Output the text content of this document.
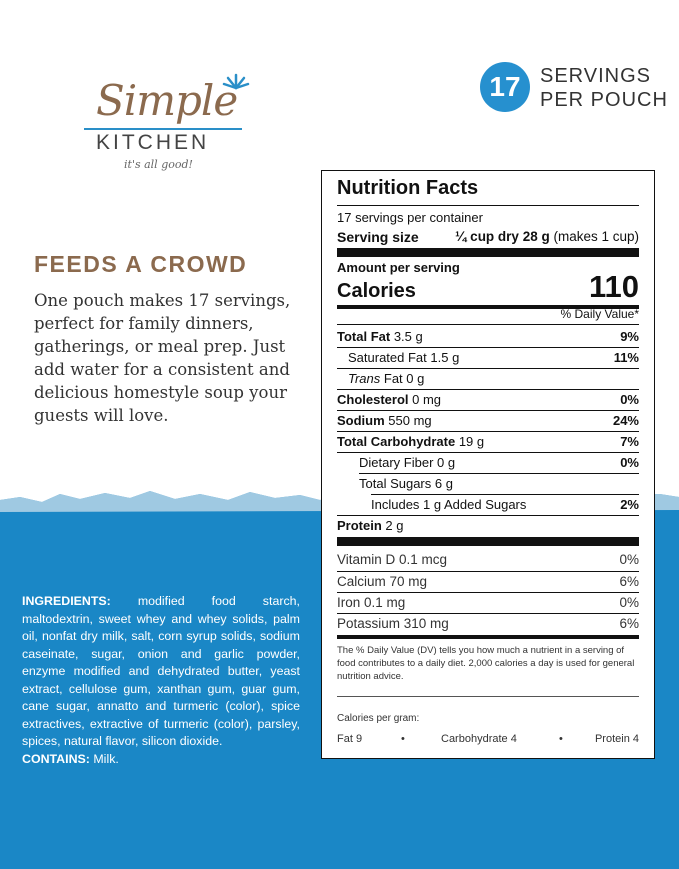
Simple
KITCHEN
it's all good!
17 SERVINGS
PER POUCH
FEEDS A CROWD
One pouch makes 17 servings, perfect for family dinners, gatherings, or meal prep. Just add water for a consistent and delicious homestyle soup your guests will love.
INGREDIENTS: modified food starch, maltodextrin, sweet whey and whey solids, palm oil, nonfat dry milk, salt, corn syrup solids, sodium caseinate, sugar, onion and garlic powder, enzyme modified and dehydrated butter, yeast extract, cellulose gum, xanthan gum, guar gum, cane sugar, annatto and turmeric (color), spice extractives, extractive of turmeric (color), parsley, spices, natural flavor, silicon dioxide.
CONTAINS: Milk.
Nutrition Facts
17 servings per container
Serving size	¼ cup dry 28 g (makes 1 cup)
Amount per serving
Calories	110
% Daily Value*
Total Fat 3.5 g	9%
Saturated Fat 1.5 g	11%
Trans Fat 0 g
Cholesterol 0 mg	0%
Sodium 550 mg	24%
Total Carbohydrate 19 g	7%
Dietary Fiber 0 g	0%
Total Sugars 6 g
Includes 1 g Added Sugars	2%
Protein 2 g
Vitamin D 0.1 mcg	0%
Calcium 70 mg	6%
Iron 0.1 mg	0%
Potassium 310 mg	6%
The % Daily Value (DV) tells you how much a nutrient in a serving of food contributes to a daily diet. 2,000 calories a day is used for general nutrition advice.
Calories per gram:
Fat 9	•	Carbohydrate 4	•	Protein 4
